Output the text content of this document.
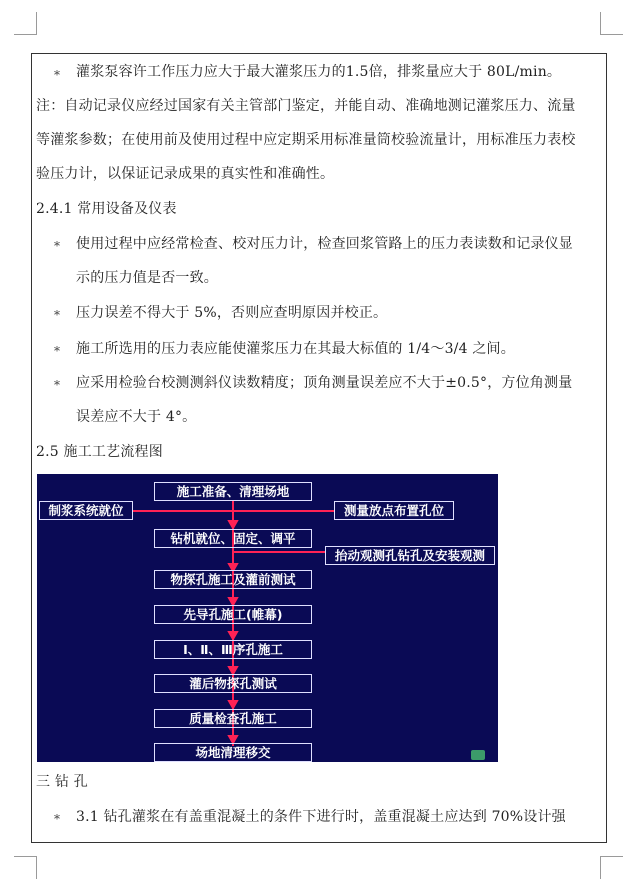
* 灌浆泵容许工作压力应大于最大灌浆压力的1.5倍，排浆量应大于 80L/min。
注：自动记录仪应经过国家有关主管部门鉴定，并能自动、准确地测记灌浆压力、流量
等灌浆参数；在使用前及使用过程中应定期采用标准量筒校验流量计，用标准压力表校
验压力计，以保证记录成果的真实性和准确性。
2.4.1 常用设备及仪表
* 使用过程中应经常检查、校对压力计，检查回浆管路上的压力表读数和记录仪显
示的压力值是否一致。
* 压力误差不得大于 5%，否则应查明原因并校正。
* 施工所选用的压力表应能使灌浆压力在其最大标值的 1/4～3/4 之间。
* 应采用检验台校测测斜仪读数精度；顶角测量误差应不大于±0.5°，方位角测量
误差应不大于 4°。
2.5 施工工艺流程图
施工准备、清理场地
钻机就位、固定、调平
物探孔施工及灌前测试
先导孔施工(帷幕)
Ⅰ、Ⅱ、Ⅲ序孔施工
灌后物探孔测试
质量检查孔施工
场地清理移交
制浆系统就位	测量放点布置孔位
抬动观测孔钻孔及安装观测
三 钻 孔
* 3.1 钻孔灌浆在有盖重混凝土的条件下进行时，盖重混凝土应达到 70%设计强
